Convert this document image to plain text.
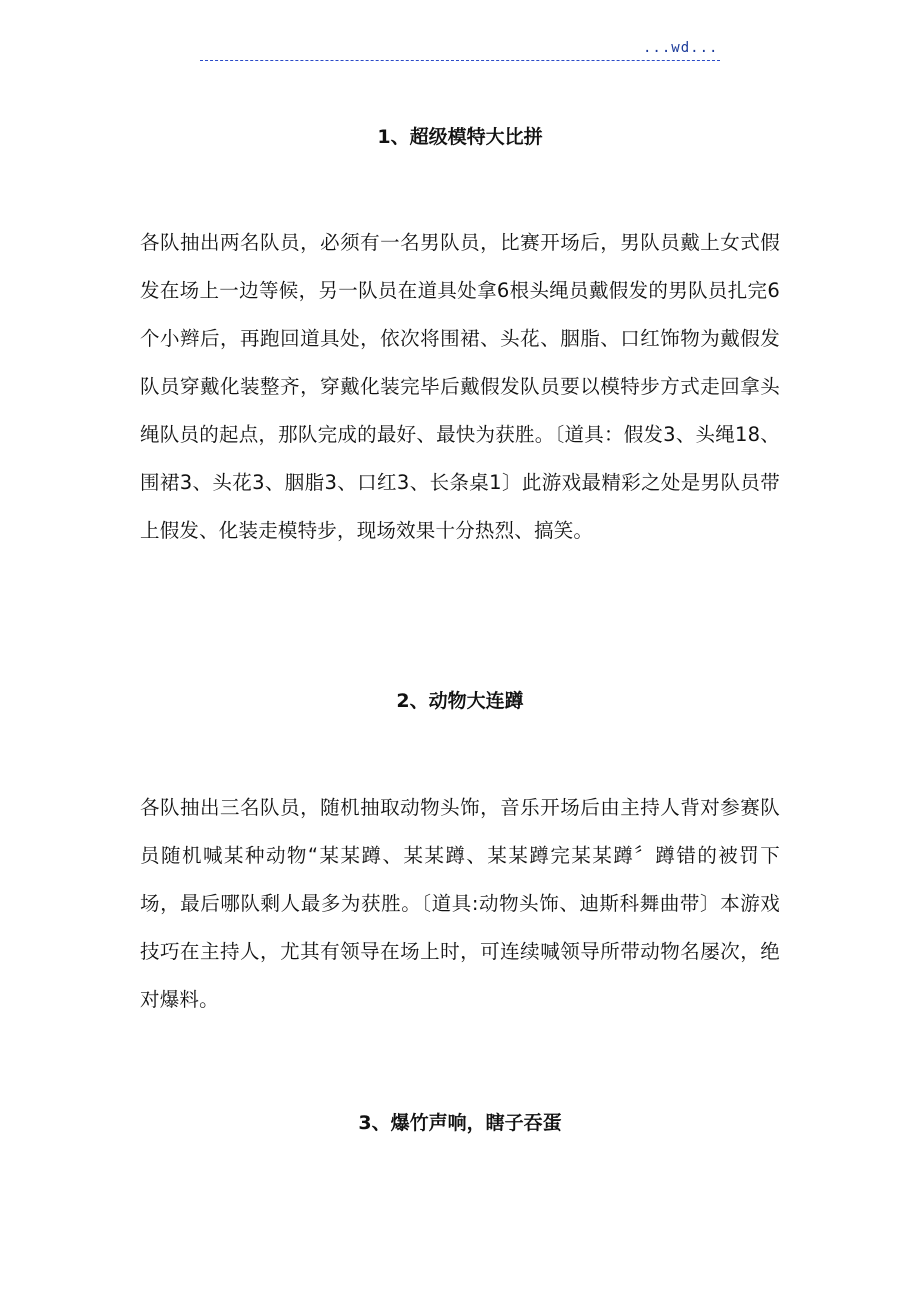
...wd...
1、超级模特大比拼

各队抽出两名队员，必须有一名男队员，比赛开场后，男队员戴上女式假发在场上一边等候，另一队员在道具处拿6根头绳员戴假发的男队员扎完6个小辫后，再跑回道具处，依次将围裙、头花、胭脂、口红饰物为戴假发队员穿戴化装整齐，穿戴化装完毕后戴假发队员要以模特步方式走回拿头绳队员的起点，那队完成的最好、最快为获胜。〔道具：假发3、头绳18、围裙3、头花3、胭脂3、口红3、长条桌1〕此游戏最精彩之处是男队员带上假发、化装走模特步，现场效果十分热烈、搞笑。

2、动物大连蹲

各队抽出三名队员，随机抽取动物头饰，音乐开场后由主持人背对参赛队员随机喊某种动物“某某蹲、某某蹲、某某蹲完某某蹲〞蹲错的被罚下场，最后哪队剩人最多为获胜。〔道具:动物头饰、迪斯科舞曲带〕本游戏技巧在主持人，尤其有领导在场上时，可连续喊领导所带动物名屡次，绝对爆料。

3、爆竹声响，瞎子吞蛋
